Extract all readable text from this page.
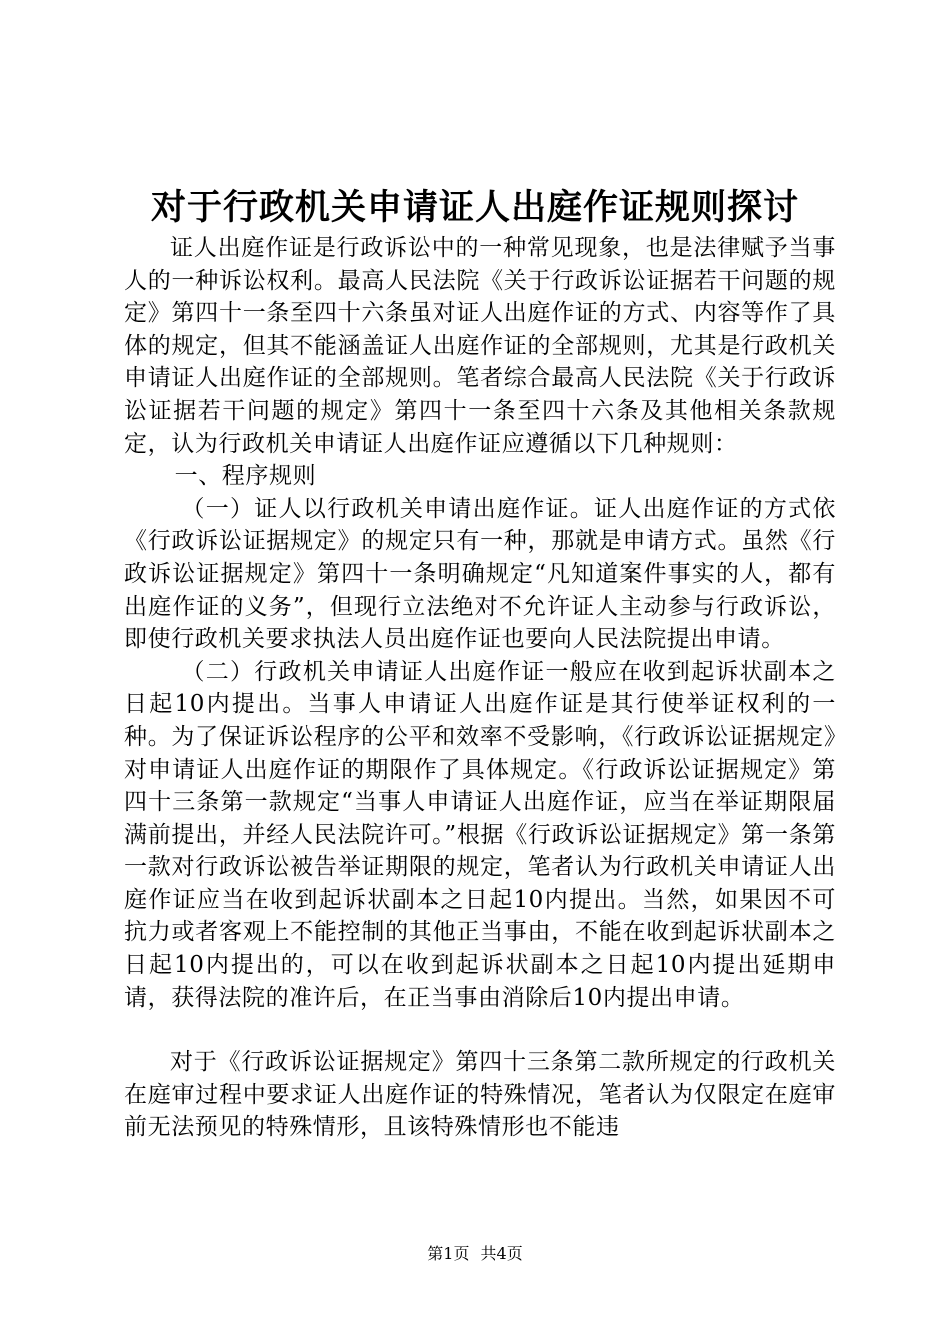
对于行政机关申请证人出庭作证规则探讨

证人出庭作证是行政诉讼中的一种常见现象，也是法律赋予当事人的一种诉讼权利。最高人民法院《关于行政诉讼证据若干问题的规定》第四十一条至四十六条虽对证人出庭作证的方式、内容等作了具体的规定，但其不能涵盖证人出庭作证的全部规则，尤其是行政机关申请证人出庭作证的全部规则。笔者综合最高人民法院《关于行政诉讼证据若干问题的规定》第四十一条至四十六条及其他相关条款规定，认为行政机关申请证人出庭作证应遵循以下几种规则：

一、程序规则

（一）证人以行政机关申请出庭作证。证人出庭作证的方式依《行政诉讼证据规定》的规定只有一种，那就是申请方式。虽然《行政诉讼证据规定》第四十一条明确规定“凡知道案件事实的人，都有出庭作证的义务”，但现行立法绝对不允许证人主动参与行政诉讼，即使行政机关要求执法人员出庭作证也要向人民法院提出申请。

（二）行政机关申请证人出庭作证一般应在收到起诉状副本之日起10内提出。当事人申请证人出庭作证是其行使举证权利的一种。为了保证诉讼程序的公平和效率不受影响，《行政诉讼证据规定》对申请证人出庭作证的期限作了具体规定。《行政诉讼证据规定》第四十三条第一款规定“当事人申请证人出庭作证，应当在举证期限届满前提出，并经人民法院许可。”根据《行政诉讼证据规定》第一条第一款对行政诉讼被告举证期限的规定，笔者认为行政机关申请证人出庭作证应当在收到起诉状副本之日起10内提出。当然，如果因不可抗力或者客观上不能控制的其他正当事由，不能在收到起诉状副本之日起10内提出的，可以在收到起诉状副本之日起10内提出延期申请，获得法院的准许后，在正当事由消除后10内提出申请。

对于《行政诉讼证据规定》第四十三条第二款所规定的行政机关在庭审过程中要求证人出庭作证的特殊情况，笔者认为仅限定在庭审前无法预见的特殊情形，且该特殊情形也不能违

第1页 共4页
